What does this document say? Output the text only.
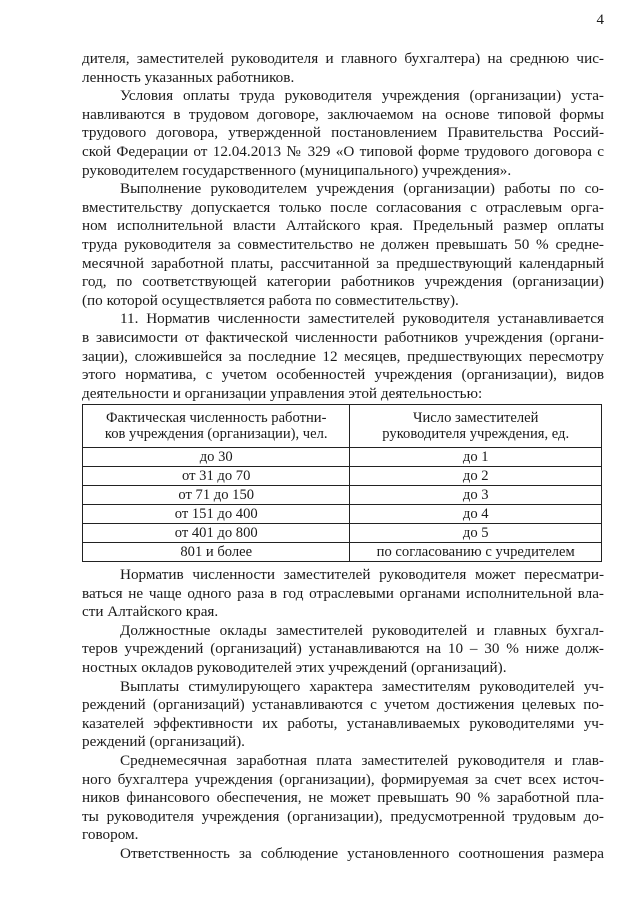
4

дителя, заместителей руководителя и главного бухгалтера) на среднюю чис-
ленность указанных работников.

Условия оплаты труда руководителя учреждения (организации) уста-
навливаются в трудовом договоре, заключаемом на основе типовой формы
трудового договора, утвержденной постановлением Правительства Россий-
ской Федерации от 12.04.2013 № 329 «О типовой форме трудового договора с
руководителем государственного (муниципального) учреждения».

Выполнение руководителем учреждения (организации) работы по со-
вместительству допускается только после согласования с отраслевым орга-
ном исполнительной власти Алтайского края. Предельный размер оплаты
труда руководителя за совместительство не должен превышать 50 % средне-
месячной заработной платы, рассчитанной за предшествующий календарный
год, по соответствующей категории работников учреждения (организации)
(по которой осуществляется работа по совместительству).

11. Норматив численности заместителей руководителя устанавливается
в зависимости от фактической численности работников учреждения (органи-
зации), сложившейся за последние 12 месяцев, предшествующих пересмотру
этого норматива, с учетом особенностей учреждения (организации), видов
деятельности и организации управления этой деятельностью:

Фактическая численность работни-
ков учреждения (организации), чел.	Число заместителей
руководителя учреждения, ед.
до 30	до 1
от 31 до 70	до 2
от 71 до 150	до 3
от 151 до 400	до 4
от 401 до 800	до 5
801 и более	по согласованию с учредителем

Норматив численности заместителей руководителя может пересматри-
ваться не чаще одного раза в год отраслевыми органами исполнительной вла-
сти Алтайского края.

Должностные оклады заместителей руководителей и главных бухгал-
теров учреждений (организаций) устанавливаются на 10 – 30 % ниже долж-
ностных окладов руководителей этих учреждений (организаций).

Выплаты стимулирующего характера заместителям руководителей уч-
реждений (организаций) устанавливаются с учетом достижения целевых по-
казателей эффективности их работы, устанавливаемых руководителями уч-
реждений (организаций).

Среднемесячная заработная плата заместителей руководителя и глав-
ного бухгалтера учреждения (организации), формируемая за счет всех источ-
ников финансового обеспечения, не может превышать 90 % заработной пла-
ты руководителя учреждения (организации), предусмотренной трудовым до-
говором.

Ответственность за соблюдение установленного соотношения размера
